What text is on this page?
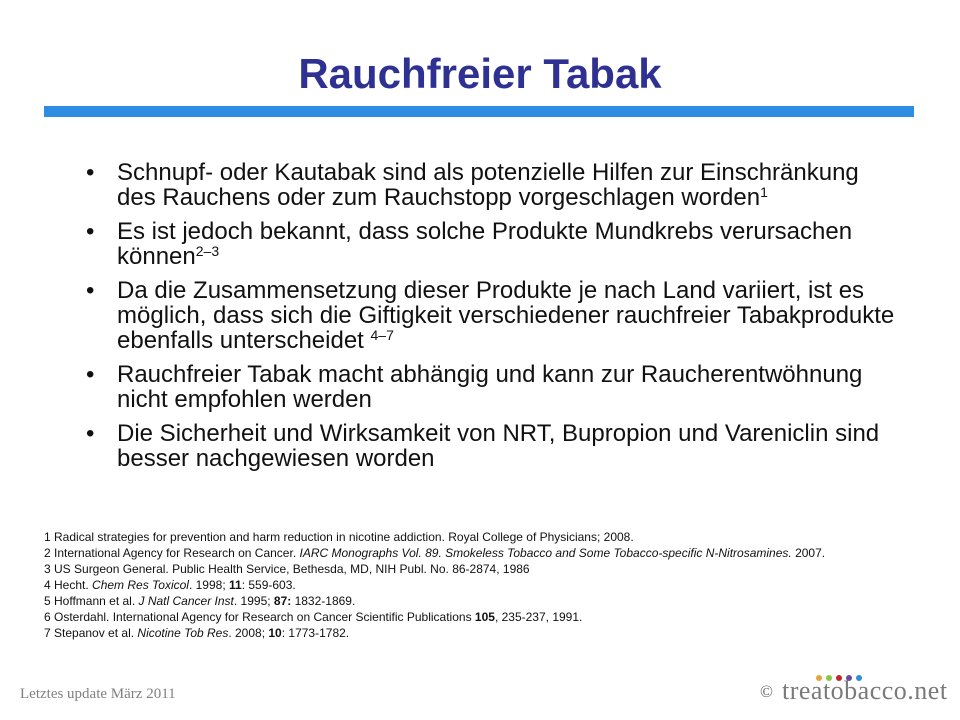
Rauchfreier Tabak
• Schnupf- oder Kautabak sind als potenzielle Hilfen zur Einschränkung des Rauchens oder zum Rauchstopp vorgeschlagen worden$^1$
• Es ist jedoch bekannt, dass solche Produkte Mundkrebs verursachen können$^{2-3}$
• Da die Zusammensetzung dieser Produkte je nach Land variiert, ist es möglich, dass sich die Giftigkeit verschiedener rauchfreier Tabakprodukte ebenfalls unterscheidet $^{4-7}$
• Rauchfreier Tabak macht abhängig und kann zur Raucherentwöhnung nicht empfohlen werden
• Die Sicherheit und Wirksamkeit von NRT, Bupropion und Vareniclin sind besser nachgewiesen worden
1 Radical strategies for prevention and harm reduction in nicotine addiction. Royal College of Physicians; 2008.
2 International Agency for Research on Cancer. IARC Monographs Vol. 89. Smokeless Tobacco and Some Tobacco-specific N-Nitrosamines. 2007.
3 US Surgeon General. Public Health Service, Bethesda, MD, NIH Publ. No. 86-2874, 1986
4 Hecht. Chem Res Toxicol. 1998; 11: 559-603.
5 Hoffmann et al. J Natl Cancer Inst. 1995; 87: 1832-1869.
6 Osterdahl. International Agency for Research on Cancer Scientific Publications 105, 235-237, 1991.
7 Stepanov et al. Nicotine Tob Res. 2008; 10: 1773-1782.
Letztes update März 2011	© treatobacco.net
